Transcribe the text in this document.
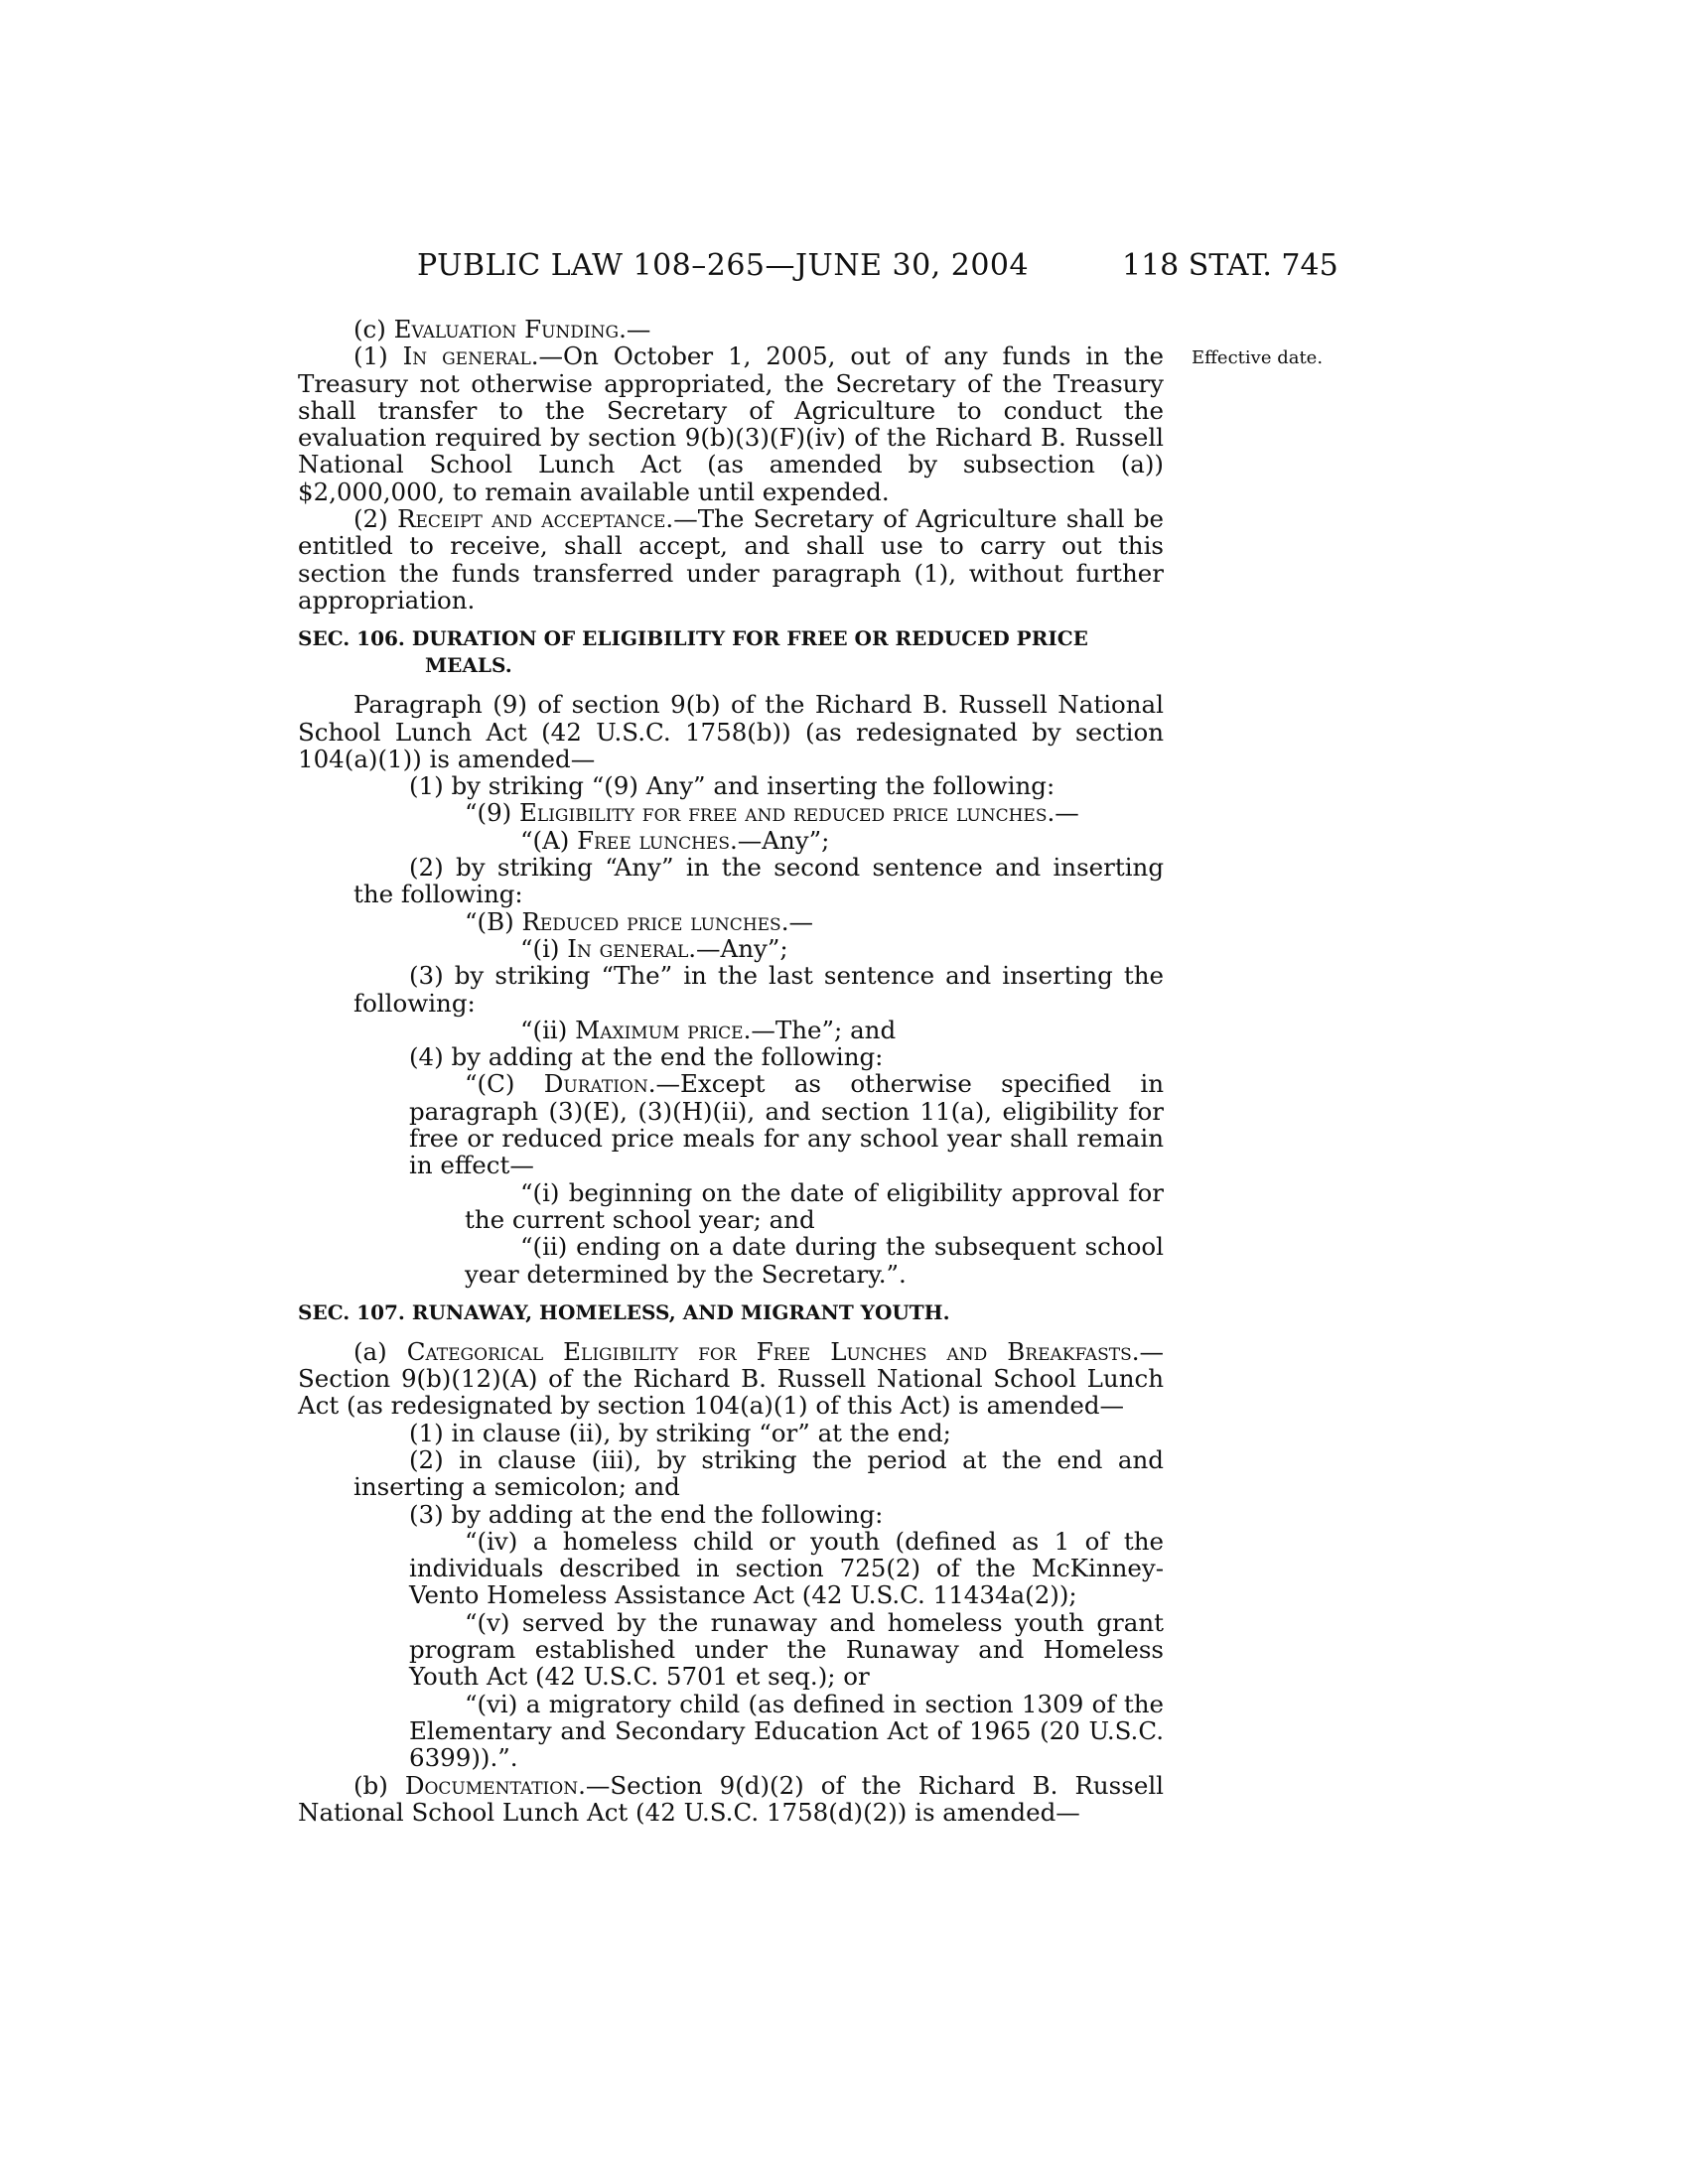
PUBLIC LAW 108–265—JUNE 30, 2004	118 STAT. 745
Effective date.

(c) Evaluation Funding.—

(1) In general.—On October 1, 2005, out of any funds in the Treasury not otherwise appropriated, the Secretary of the Treasury shall transfer to the Secretary of Agriculture to conduct the evaluation required by section 9(b)(3)(F)(iv) of the Richard B. Russell National School Lunch Act (as amended by subsection (a)) $2,000,000, to remain available until expended.

(2) Receipt and acceptance.—The Secretary of Agriculture shall be entitled to receive, shall accept, and shall use to carry out this section the funds transferred under paragraph (1), without further appropriation.

SEC. 106. DURATION OF ELIGIBILITY FOR FREE OR REDUCED PRICE MEALS.

Paragraph (9) of section 9(b) of the Richard B. Russell National School Lunch Act (42 U.S.C. 1758(b)) (as redesignated by section 104(a)(1)) is amended—

(1) by striking “(9) Any” and inserting the following:

“(9) Eligibility for free and reduced price lunches.—

“(A) Free lunches.—Any”;

(2) by striking “Any” in the second sentence and inserting the following:

“(B) Reduced price lunches.—

“(i) In general.—Any”;

(3) by striking “The” in the last sentence and inserting the following:

“(ii) Maximum price.—The”; and

(4) by adding at the end the following:

“(C) Duration.—Except as otherwise specified in paragraph (3)(E), (3)(H)(ii), and section 11(a), eligibility for free or reduced price meals for any school year shall remain in effect—

“(i) beginning on the date of eligibility approval for the current school year; and

“(ii) ending on a date during the subsequent school year determined by the Secretary.”.

SEC. 107. RUNAWAY, HOMELESS, AND MIGRANT YOUTH.

(a) Categorical Eligibility for Free Lunches and Breakfasts.—Section 9(b)(12)(A) of the Richard B. Russell National School Lunch Act (as redesignated by section 104(a)(1) of this Act) is amended—

(1) in clause (ii), by striking “or” at the end;

(2) in clause (iii), by striking the period at the end and inserting a semicolon; and

(3) by adding at the end the following:

“(iv) a homeless child or youth (defined as 1 of the individuals described in section 725(2) of the McKinney-Vento Homeless Assistance Act (42 U.S.C. 11434a(2));

“(v) served by the runaway and homeless youth grant program established under the Runaway and Homeless Youth Act (42 U.S.C. 5701 et seq.); or

“(vi) a migratory child (as defined in section 1309 of the Elementary and Secondary Education Act of 1965 (20 U.S.C. 6399)).”.

(b) Documentation.—Section 9(d)(2) of the Richard B. Russell National School Lunch Act (42 U.S.C. 1758(d)(2)) is amended—
